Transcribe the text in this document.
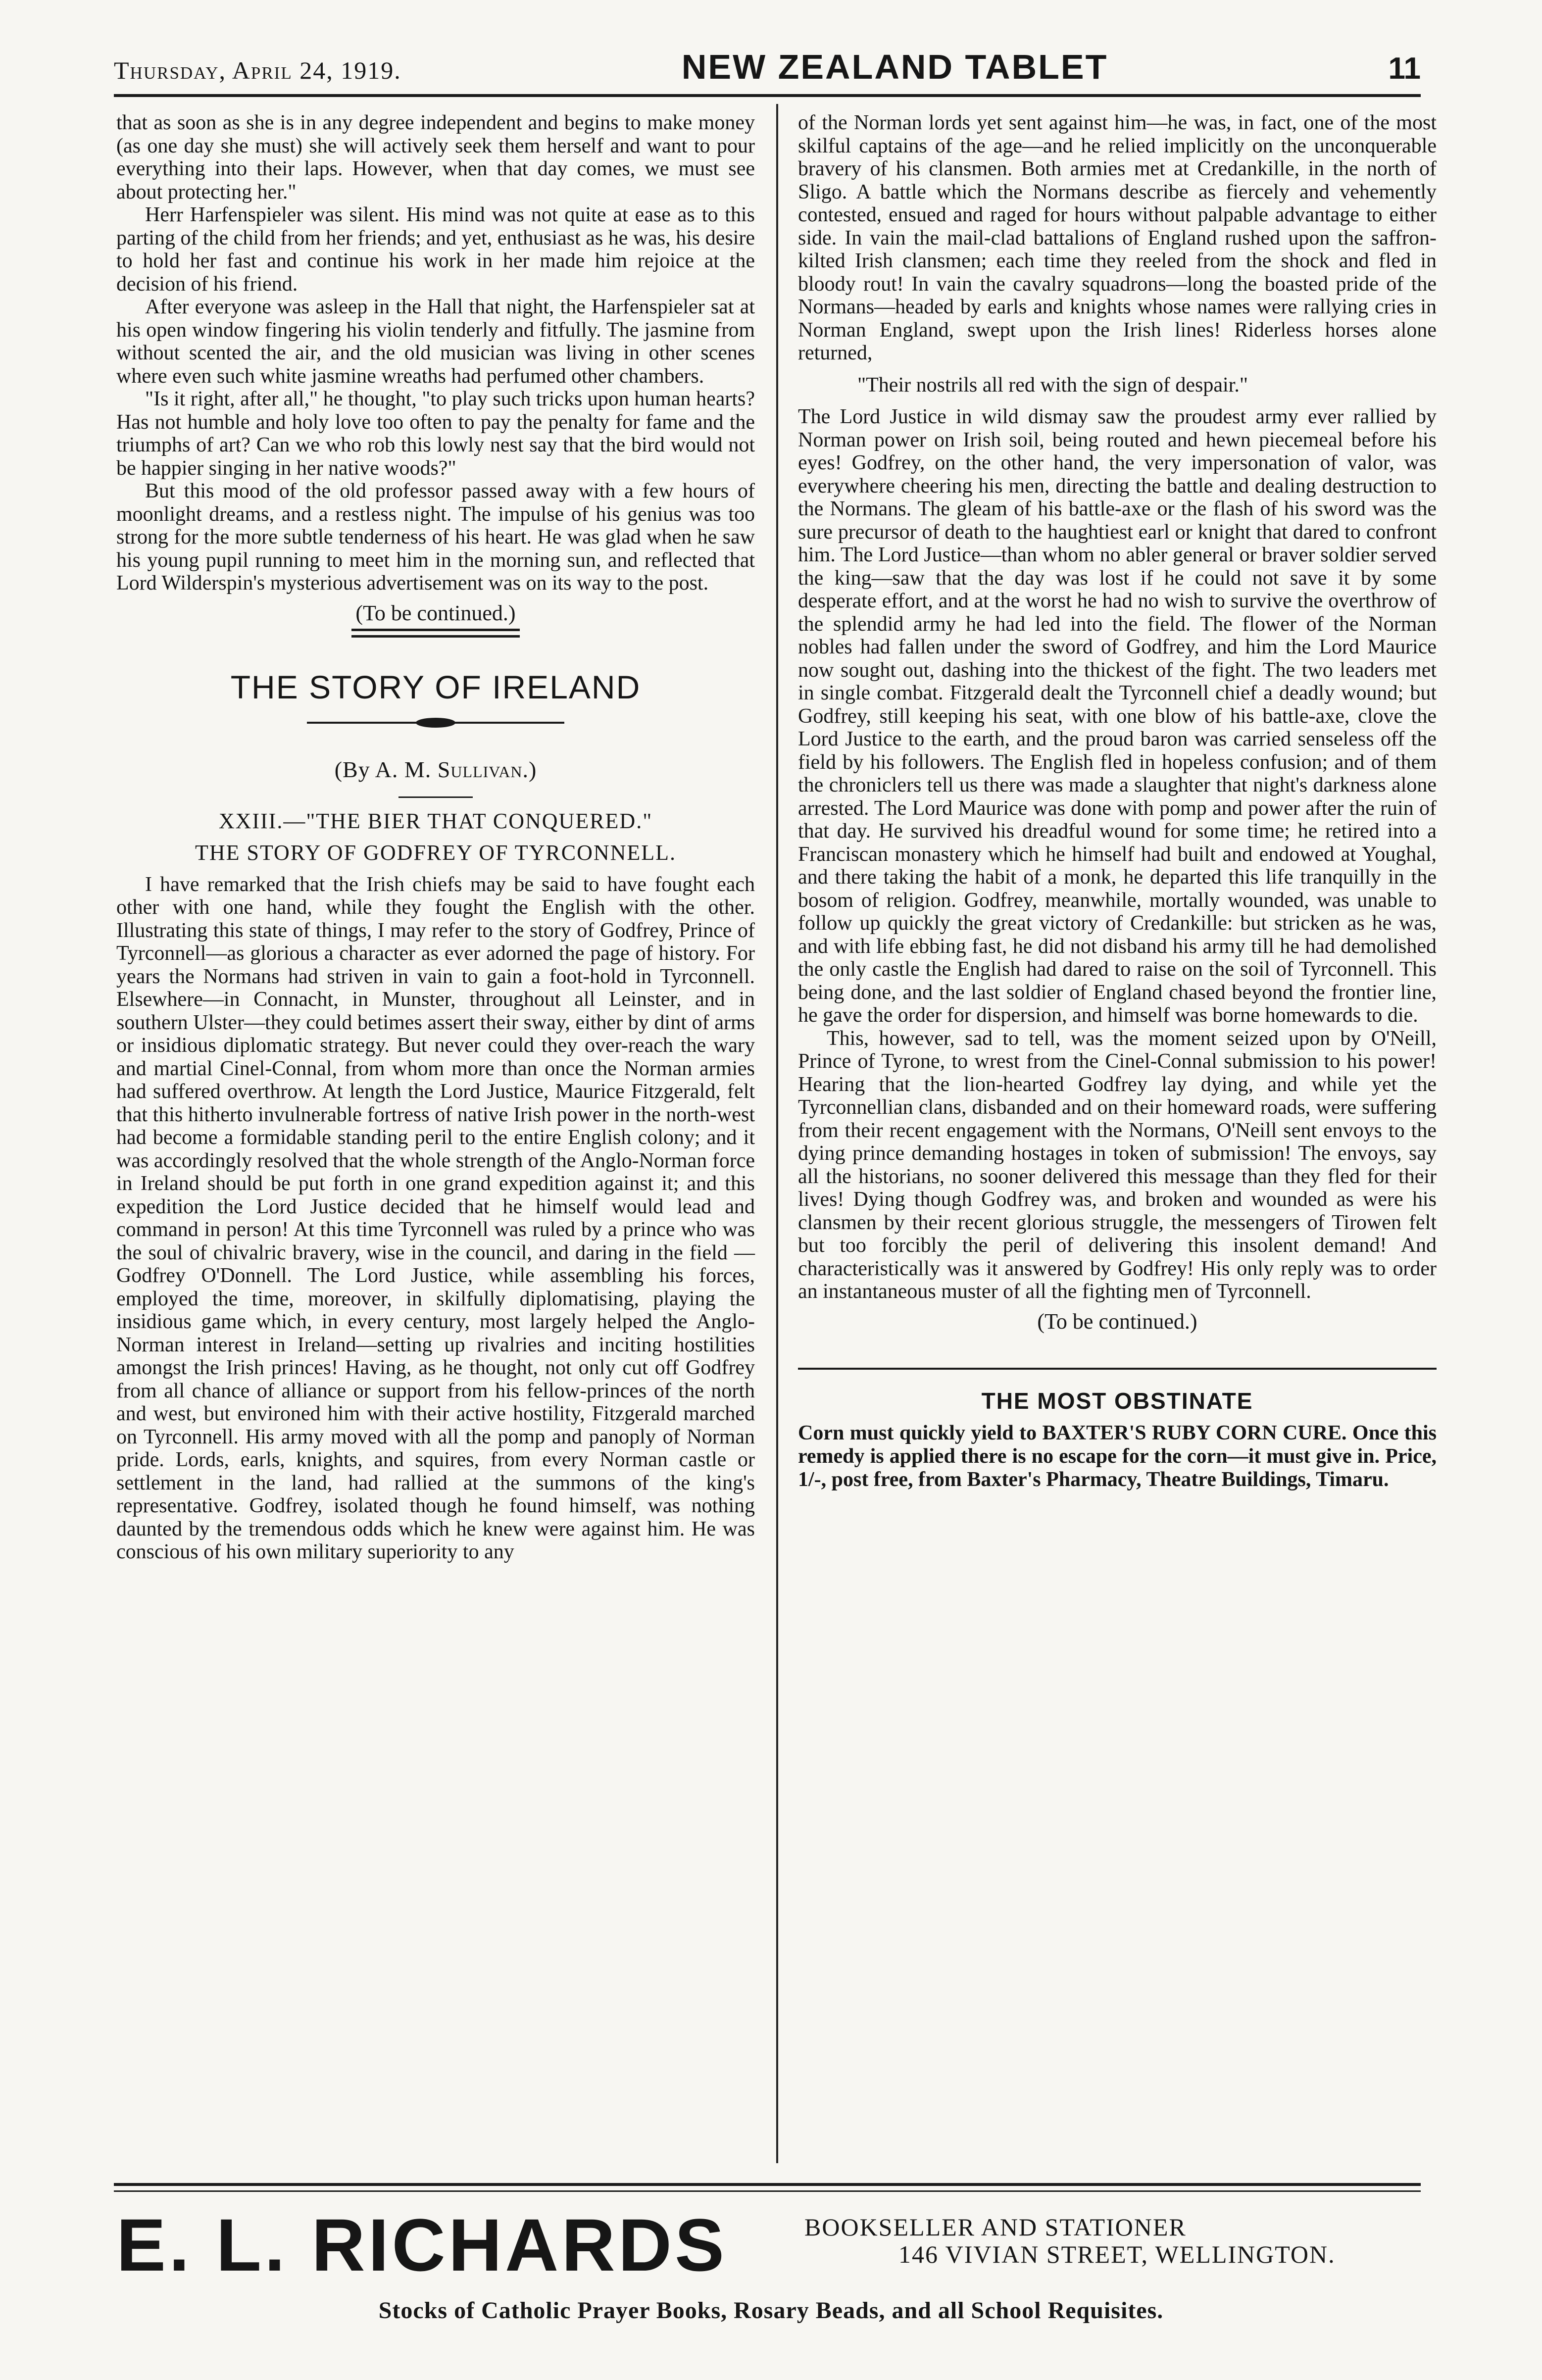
Thursday, April 24, 1919.	NEW ZEALAND TABLET	11

that as soon as she is in any degree independent and begins to make money (as one day she must) she will actively seek them herself and want to pour everything into their laps. However, when that day comes, we must see about protecting her."

Herr Harfenspieler was silent. His mind was not quite at ease as to this parting of the child from her friends; and yet, enthusiast as he was, his desire to hold her fast and continue his work in her made him rejoice at the decision of his friend.

After everyone was asleep in the Hall that night, the Harfenspieler sat at his open window fingering his violin tenderly and fitfully. The jasmine from without scented the air, and the old musician was living in other scenes where even such white jasmine wreaths had perfumed other chambers.

"Is it right, after all," he thought, "to play such tricks upon human hearts? Has not humble and holy love too often to pay the penalty for fame and the triumphs of art? Can we who rob this lowly nest say that the bird would not be happier singing in her native woods?"

But this mood of the old professor passed away with a few hours of moonlight dreams, and a restless night. The impulse of his genius was too strong for the more subtle tenderness of his heart. He was glad when he saw his young pupil running to meet him in the morning sun, and reflected that Lord Wilderspin's mysterious advertisement was on its way to the post.

(To be continued.)
THE STORY OF IRELAND
(By A. M. Sullivan.)
XXIII.—"THE BIER THAT CONQUERED."
THE STORY OF GODFREY OF TYRCONNELL.

I have remarked that the Irish chiefs may be said to have fought each other with one hand, while they fought the English with the other. Illustrating this state of things, I may refer to the story of Godfrey, Prince of Tyrconnell—as glorious a character as ever adorned the page of history. For years the Normans had striven in vain to gain a foot-hold in Tyrconnell. Elsewhere—in Connacht, in Munster, throughout all Leinster, and in southern Ulster—they could betimes assert their sway, either by dint of arms or insidious diplomatic strategy. But never could they over-reach the wary and martial Cinel-Connal, from whom more than once the Norman armies had suffered overthrow. At length the Lord Justice, Maurice Fitzgerald, felt that this hitherto invulnerable fortress of native Irish power in the north-west had become a formidable standing peril to the entire English colony; and it was accordingly resolved that the whole strength of the Anglo-Norman force in Ireland should be put forth in one grand expedition against it; and this expedition the Lord Justice decided that he himself would lead and command in person! At this time Tyrconnell was ruled by a prince who was the soul of chivalric bravery, wise in the council, and daring in the field —Godfrey O'Donnell. The Lord Justice, while assembling his forces, employed the time, moreover, in skilfully diplomatising, playing the insidious game which, in every century, most largely helped the Anglo-Norman interest in Ireland—setting up rivalries and inciting hostilities amongst the Irish princes! Having, as he thought, not only cut off Godfrey from all chance of alliance or support from his fellow-princes of the north and west, but environed him with their active hostility, Fitzgerald marched on Tyrconnell. His army moved with all the pomp and panoply of Norman pride. Lords, earls, knights, and squires, from every Norman castle or settlement in the land, had rallied at the summons of the king's representative. Godfrey, isolated though he found himself, was nothing daunted by the tremendous odds which he knew were against him. He was conscious of his own military superiority to any

of the Norman lords yet sent against him—he was, in fact, one of the most skilful captains of the age—and he relied implicitly on the unconquerable bravery of his clansmen. Both armies met at Credankille, in the north of Sligo. A battle which the Normans describe as fiercely and vehemently contested, ensued and raged for hours without palpable advantage to either side. In vain the mail-clad battalions of England rushed upon the saffron-kilted Irish clansmen; each time they reeled from the shock and fled in bloody rout! In vain the cavalry squadrons—long the boasted pride of the Normans—headed by earls and knights whose names were rallying cries in Norman England, swept upon the Irish lines! Riderless horses alone returned,

"Their nostrils all red with the sign of despair."

The Lord Justice in wild dismay saw the proudest army ever rallied by Norman power on Irish soil, being routed and hewn piecemeal before his eyes! Godfrey, on the other hand, the very impersonation of valor, was everywhere cheering his men, directing the battle and dealing destruction to the Normans. The gleam of his battle-axe or the flash of his sword was the sure precursor of death to the haughtiest earl or knight that dared to confront him. The Lord Justice—than whom no abler general or braver soldier served the king—saw that the day was lost if he could not save it by some desperate effort, and at the worst he had no wish to survive the overthrow of the splendid army he had led into the field. The flower of the Norman nobles had fallen under the sword of Godfrey, and him the Lord Maurice now sought out, dashing into the thickest of the fight. The two leaders met in single combat. Fitzgerald dealt the Tyrconnell chief a deadly wound; but Godfrey, still keeping his seat, with one blow of his battle-axe, clove the Lord Justice to the earth, and the proud baron was carried senseless off the field by his followers. The English fled in hopeless confusion; and of them the chroniclers tell us there was made a slaughter that night's darkness alone arrested. The Lord Maurice was done with pomp and power after the ruin of that day. He survived his dreadful wound for some time; he retired into a Franciscan monastery which he himself had built and endowed at Youghal, and there taking the habit of a monk, he departed this life tranquilly in the bosom of religion. Godfrey, meanwhile, mortally wounded, was unable to follow up quickly the great victory of Credankille: but stricken as he was, and with life ebbing fast, he did not disband his army till he had demolished the only castle the English had dared to raise on the soil of Tyrconnell. This being done, and the last soldier of England chased beyond the frontier line, he gave the order for dispersion, and himself was borne homewards to die.

This, however, sad to tell, was the moment seized upon by O'Neill, Prince of Tyrone, to wrest from the Cinel-Connal submission to his power! Hearing that the lion-hearted Godfrey lay dying, and while yet the Tyrconnellian clans, disbanded and on their homeward roads, were suffering from their recent engagement with the Normans, O'Neill sent envoys to the dying prince demanding hostages in token of submission! The envoys, say all the historians, no sooner delivered this message than they fled for their lives! Dying though Godfrey was, and broken and wounded as were his clansmen by their recent glorious struggle, the messengers of Tirowen felt but too forcibly the peril of delivering this insolent demand! And characteristically was it answered by Godfrey! His only reply was to order an instantaneous muster of all the fighting men of Tyrconnell.

(To be continued.)
THE MOST OBSTINATE
Corn must quickly yield to BAXTER'S RUBY CORN CURE. Once this remedy is applied there is no escape for the corn—it must give in. Price, 1/-, post free, from Baxter's Pharmacy, Theatre Buildings, Timaru.
E. L. RICHARDS	BOOKSELLER AND STATIONER
146 VIVIAN STREET, WELLINGTON.
Stocks of Catholic Prayer Books, Rosary Beads, and all School Requisites.
